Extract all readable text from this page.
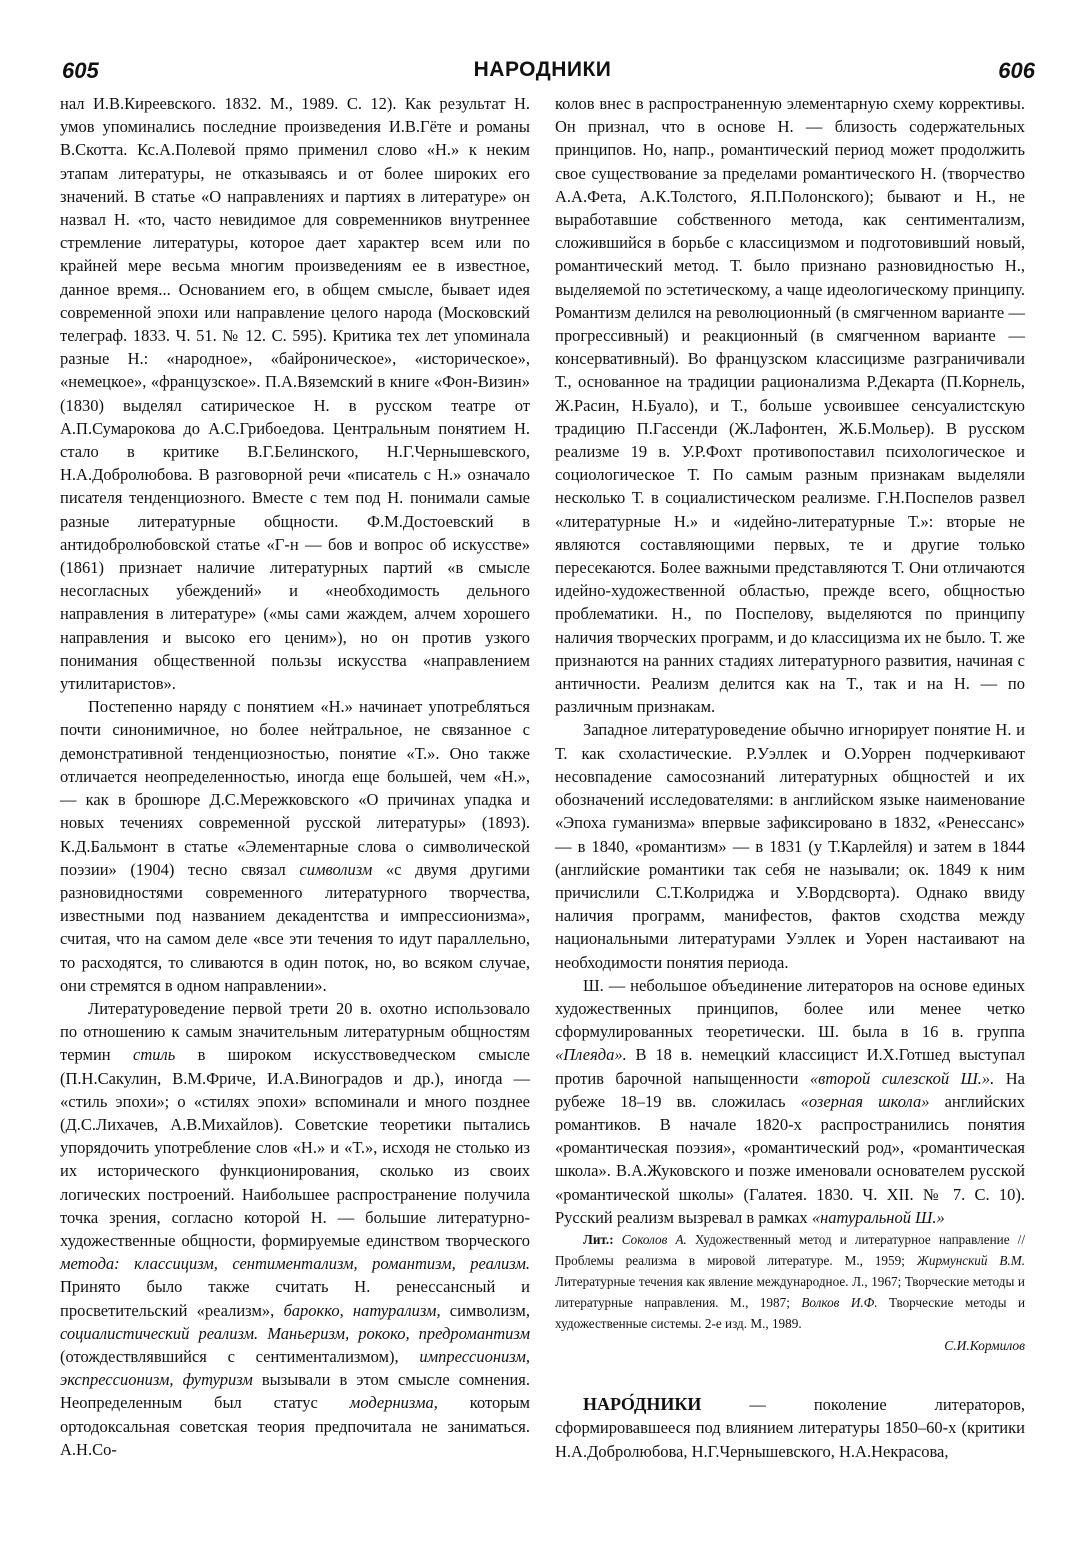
605	НАРОДНИКИ	606

нал И.В.Киреевского. 1832. М., 1989. С. 12). Как результат Н. умов упоминались последние произведения И.В.Гёте и романы В.Скотта. Кс.А.Полевой прямо применил слово «Н.» к неким этапам литературы, не отказываясь и от более широких его значений. В статье «О направлениях и партиях в литературе» он назвал Н. «то, часто невидимое для современников внутреннее стремление литературы, которое дает характер всем или по крайней мере весьма многим произведениям ее в известное, данное время... Основанием его, в общем смысле, бывает идея современной эпохи или направление целого народа (Московский телеграф. 1833. Ч. 51. № 12. С. 595). Критика тех лет упоминала разные Н.: «народное», «байроническое», «историческое», «немецкое», «французское». П.А.Вяземский в книге «Фон-Визин» (1830) выделял сатирическое Н. в русском театре от А.П.Сумарокова до А.С.Грибоедова. Центральным понятием Н. стало в критике В.Г.Белинского, Н.Г.Чернышевского, Н.А.Добролюбова. В разговорной речи «писатель с Н.» означало писателя тенденциозного. Вместе с тем под Н. понимали самые разные литературные общности. Ф.М.Достоевский в антидобролюбовской статье «Г-н — бов и вопрос об искусстве» (1861) признает наличие литературных партий «в смысле несогласных убеждений» и «необходимость дельного направления в литературе» («мы сами жаждем, алчем хорошего направления и высоко его ценим»), но он против узкого понимания общественной пользы искусства «направлением утилитаристов».

Постепенно наряду с понятием «Н.» начинает употребляться почти синонимичное, но более нейтральное, не связанное с демонстративной тенденциозностью, понятие «Т.». Оно также отличается неопределенностью, иногда еще большей, чем «Н.», — как в брошюре Д.С.Мережковского «О причинах упадка и новых течениях современной русской литературы» (1893). К.Д.Бальмонт в статье «Элементарные слова о символической поэзии» (1904) тесно связал символизм «с двумя другими разновидностями современного литературного творчества, известными под названием декадентства и импрессионизма», считая, что на самом деле «все эти течения то идут параллельно, то расходятся, то сливаются в один поток, но, во всяком случае, они стремятся в одном направлении».

Литературоведение первой трети 20 в. охотно использовало по отношению к самым значительным литературным общностям термин стиль в широком искусствоведческом смысле (П.Н.Сакулин, В.М.Фриче, И.А.Виноградов и др.), иногда — «стиль эпохи»; о «стилях эпохи» вспоминали и много позднее (Д.С.Лихачев, А.В.Михайлов). Советские теоретики пытались упорядочить употребление слов «Н.» и «Т.», исходя не столько из их исторического функционирования, сколько из своих логических построений. Наибольшее распространение получила точка зрения, согласно которой Н. — большие литературно-художественные общности, формируемые единством творческого метода: классицизм, сентиментализм, романтизм, реализм. Принято было также считать Н. ренессансный и просветительский «реализм», барокко, натурализм, символизм, социалистический реализм. Маньеризм, рококо, предромантизм (отождествлявшийся с сентиментализмом), импрессионизм, экспрессионизм, футуризм вызывали в этом смысле сомнения. Неопределенным был статус модернизма, которым ортодоксальная советская теория предпочитала не заниматься. А.Н.Со-

колов внес в распространенную элементарную схему коррективы. Он признал, что в основе Н. — близость содержательных принципов. Но, напр., романтический период может продолжить свое существование за пределами романтического Н. (творчество А.А.Фета, А.К.Толстого, Я.П.Полонского); бывают и Н., не выработавшие собственного метода, как сентиментализм, сложившийся в борьбе с классицизмом и подготовивший новый, романтический метод. Т. было признано разновидностью Н., выделяемой по эстетическому, а чаще идеологическому принципу. Романтизм делился на революционный (в смягченном варианте — прогрессивный) и реакционный (в смягченном варианте — консервативный). Во французском классицизме разграничивали Т., основанное на традиции рационализма Р.Декарта (П.Корнель, Ж.Расин, Н.Буало), и Т., больше усвоившее сенсуалистскую традицию П.Гассенди (Ж.Лафонтен, Ж.Б.Мольер). В русском реализме 19 в. У.Р.Фохт противопоставил психологическое и социологическое Т. По самым разным признакам выделяли несколько Т. в социалистическом реализме. Г.Н.Поспелов развел «литературные Н.» и «идейно-литературные Т.»: вторые не являются составляющими первых, те и другие только пересекаются. Более важными представляются Т. Они отличаются идейно-художественной областью, прежде всего, общностью проблематики. Н., по Поспелову, выделяются по принципу наличия творческих программ, и до классицизма их не было. Т. же признаются на ранних стадиях литературного развития, начиная с античности. Реализм делится как на Т., так и на Н. — по различным признакам.

Западное литературоведение обычно игнорирует понятие Н. и Т. как схоластические. Р.Уэллек и О.Уоррен подчеркивают несовпадение самосознаний литературных общностей и их обозначений исследователями: в английском языке наименование «Эпоха гуманизма» впервые зафиксировано в 1832, «Ренессанс» — в 1840, «романтизм» — в 1831 (у Т.Карлейля) и затем в 1844 (английские романтики так себя не называли; ок. 1849 к ним причислили С.Т.Колриджа и У.Вордсворта). Однако ввиду наличия программ, манифестов, фактов сходства между национальными литературами Уэллек и Уорен настаивают на необходимости понятия периода.

Ш. — небольшое объединение литераторов на основе единых художественных принципов, более или менее четко сформулированных теоретически. Ш. была в 16 в. группа «Плеяда». В 18 в. немецкий классицист И.Х.Готшед выступал против барочной напыщенности «второй силезской Ш.». На рубеже 18–19 вв. сложилась «озерная школа» английских романтиков. В начале 1820-х распространились понятия «романтическая поэзия», «романтический род», «романтическая школа». В.А.Жуковского и позже именовали основателем русской «романтической школы» (Галатея. 1830. Ч. XII. № 7. С. 10). Русский реализм вызревал в рамках «натуральной Ш.»

Лит.: Соколов А. Художественный метод и литературное направление // Проблемы реализма в мировой литературе. М., 1959; Жирмунский В.М. Литературные течения как явление международное. Л., 1967; Творческие методы и литературные направления. М., 1987; Волков И.Ф. Творческие методы и художественные системы. 2-е изд. М., 1989.

С.И.Кормилов

НАРО́ДНИКИ — поколение литераторов, сформировавшееся под влиянием литературы 1850–60-х (критики Н.А.Добролюбова, Н.Г.Чернышевского, Н.А.Некрасова,
